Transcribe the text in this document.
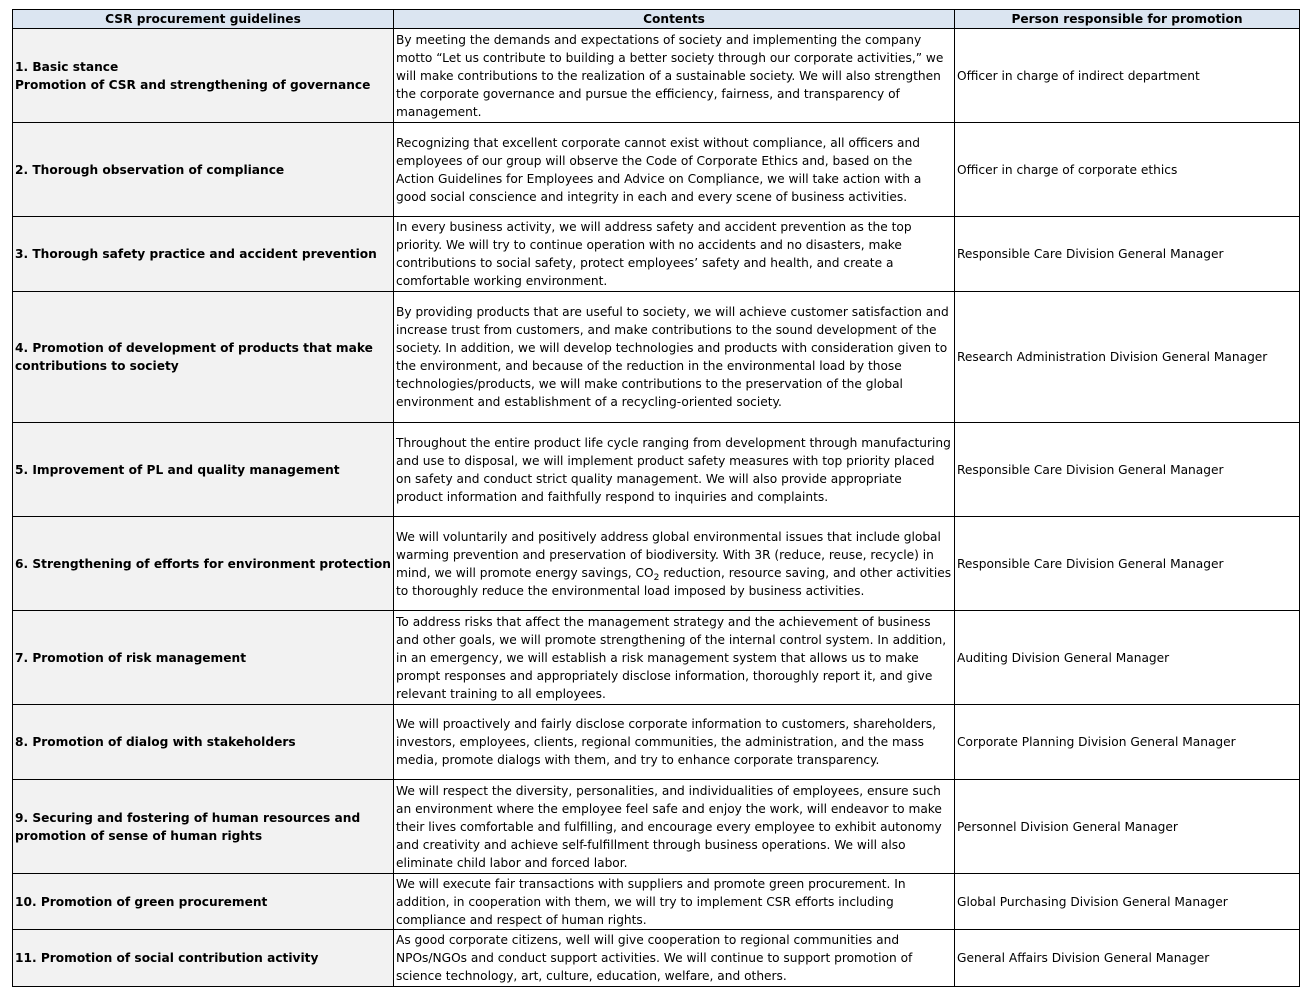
CSR procurement guidelines	Contents	Person responsible for promotion

1. Basic stance
Promotion of CSR and strengthening of governance	By meeting the demands and expectations of society and implementing the company motto “Let us contribute to building a better society through our corporate activities,” we will make contributions to the realization of a sustainable society. We will also strengthen the corporate governance and pursue the efficiency, fairness, and transparency of management.	Officer in charge of indirect department
2. Thorough observation of compliance	Recognizing that excellent corporate cannot exist without compliance, all officers and employees of our group will observe the Code of Corporate Ethics and, based on the Action Guidelines for Employees and Advice on Compliance, we will take action with a good social conscience and integrity in each and every scene of business activities.	Officer in charge of corporate ethics
3. Thorough safety practice and accident prevention	In every business activity, we will address safety and accident prevention as the top priority. We will try to continue operation with no accidents and no disasters, make contributions to social safety, protect employees’ safety and health, and create a comfortable working environment.	Responsible Care Division General Manager
4. Promotion of development of products that make contributions to society	By providing products that are useful to society, we will achieve customer satisfaction and increase trust from customers, and make contributions to the sound development of the society. In addition, we will develop technologies and products with consideration given to the environment, and because of the reduction in the environmental load by those technologies/products, we will make contributions to the preservation of the global environment and establishment of a recycling-oriented society.	Research Administration Division General Manager
5. Improvement of PL and quality management	Throughout the entire product life cycle ranging from development through manufacturing and use to disposal, we will implement product safety measures with top priority placed on safety and conduct strict quality management. We will also provide appropriate product information and faithfully respond to inquiries and complaints.	Responsible Care Division General Manager
6. Strengthening of efforts for environment protection	We will voluntarily and positively address global environmental issues that include global warming prevention and preservation of biodiversity. With 3R (reduce, reuse, recycle) in mind, we will promote energy savings, $CO_2$ reduction, resource saving, and other activities to thoroughly reduce the environmental load imposed by business activities.	Responsible Care Division General Manager
7. Promotion of risk management	To address risks that affect the management strategy and the achievement of business and other goals, we will promote strengthening of the internal control system. In addition, in an emergency, we will establish a risk management system that allows us to make prompt responses and appropriately disclose information, thoroughly report it, and give relevant training to all employees.	Auditing Division General Manager
8. Promotion of dialog with stakeholders	We will proactively and fairly disclose corporate information to customers, shareholders, investors, employees, clients, regional communities, the administration, and the mass media, promote dialogs with them, and try to enhance corporate transparency.	Corporate Planning Division General Manager
9. Securing and fostering of human resources and promotion of sense of human rights	We will respect the diversity, personalities, and individualities of employees, ensure such an environment where the employee feel safe and enjoy the work, will endeavor to make their lives comfortable and fulfilling, and encourage every employee to exhibit autonomy and creativity and achieve self-fulfillment through business operations. We will also eliminate child labor and forced labor.	Personnel Division General Manager
10. Promotion of green procurement	We will execute fair transactions with suppliers and promote green procurement. In addition, in cooperation with them, we will try to implement CSR efforts including compliance and respect of human rights.	Global Purchasing Division General Manager
11. Promotion of social contribution activity	As good corporate citizens, well will give cooperation to regional communities and NPOs/NGOs and conduct support activities. We will continue to support promotion of science technology, art, culture, education, welfare, and others.	General Affairs Division General Manager
